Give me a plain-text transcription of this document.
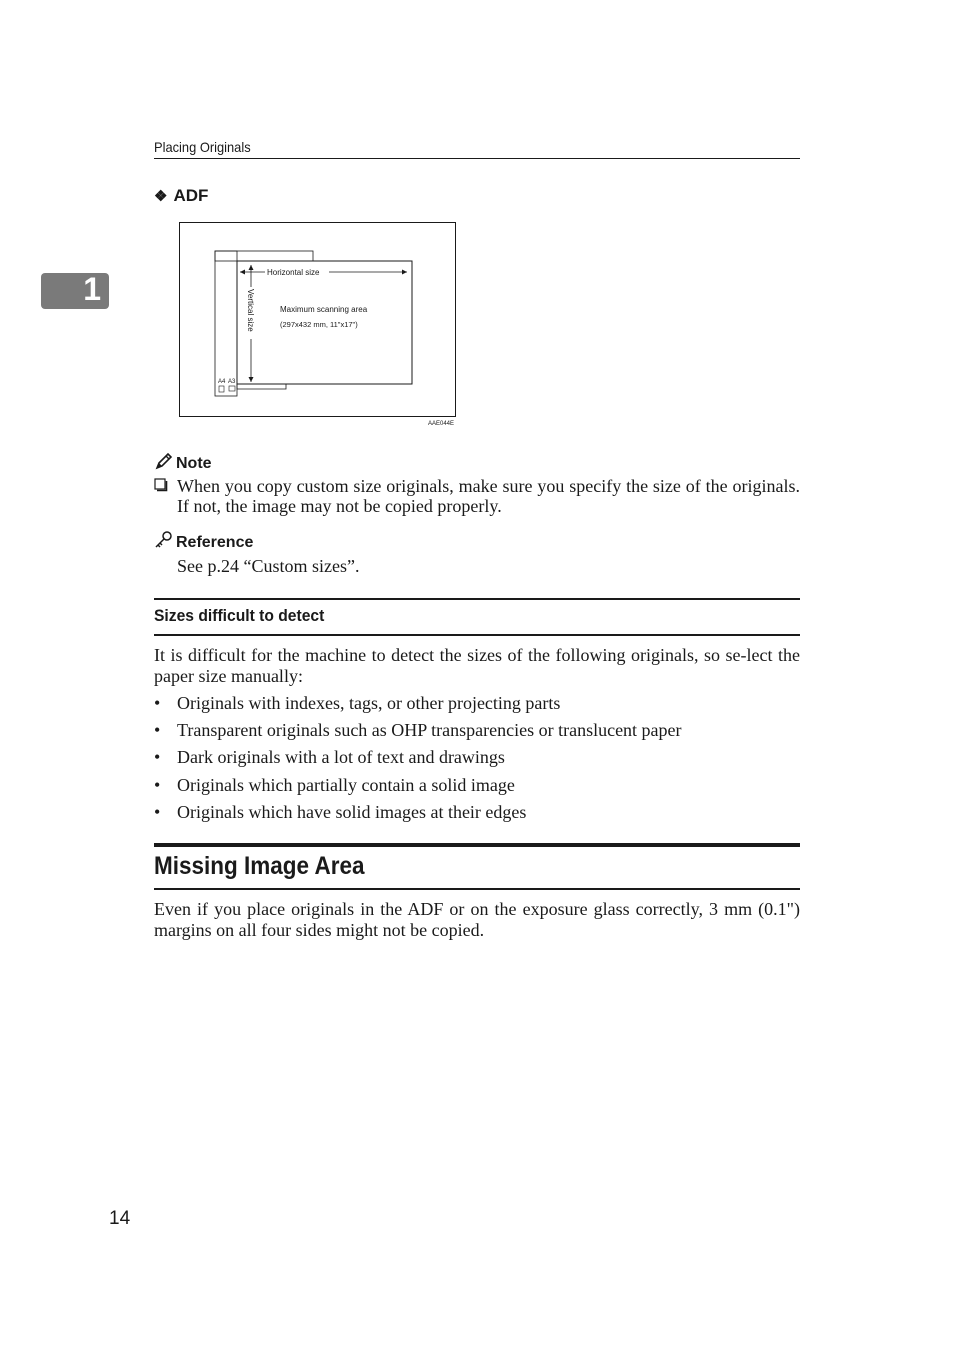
Placing Originals
1
❖ ADF
Horizontal size
Vertical size	Maximum scanning area
(297x432 mm, 11"x17")
A4 A3
AAE044E
Note
When you copy custom size originals, make sure you specify the size of the originals. If not, the image may not be copied properly.
Reference
See p.24 “Custom sizes”.
Sizes difficult to detect
It is difficult for the machine to detect the sizes of the following originals, so se-lect the paper size manually:
• Originals with indexes, tags, or other projecting parts
• Transparent originals such as OHP transparencies or translucent paper
• Dark originals with a lot of text and drawings
• Originals which partially contain a solid image
• Originals which have solid images at their edges
Missing Image Area
Even if you place originals in the ADF or on the exposure glass correctly, 3 mm (0.1") margins on all four sides might not be copied.
14
